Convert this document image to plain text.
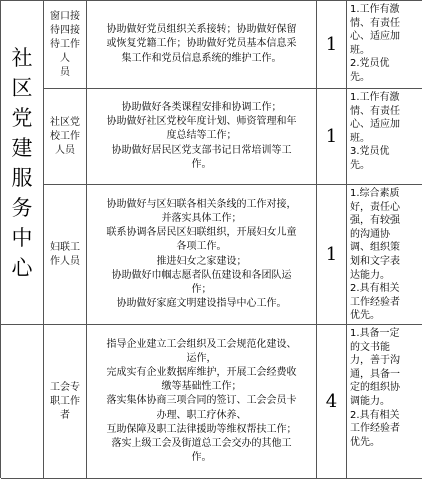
社
区
党
建
服
务
中
心
窗口接
待四接
待工作人
员
协助做好党员组织关系接转；协助做好保留
或恢复党籍工作；协助做好党员基本信息采
集工作和党员信息系统的维护工作。
1
1.工作有激
情、有责任
心、适应加
班。
2.党员优
先。
社区党
校工作
人员
协助做好各类课程安排和协调工作；
协助做好社区党校年度计划、师资管理和年
度总结等工作；
协助做好居民区党支部书记日常培训等工
作。
1
1.工作有激
情、有责任
心、适应加
班。
3.党员优
先。
妇联工
作人员
协助做好与区妇联各相关条线的工作对接，
并落实具体工作；
联系协调各居民区妇联组织，开展妇女儿童
各项工作。
推进妇女之家建设；
协助做好巾帼志愿者队伍建设和各团队运
作；
协助做好家庭文明建设指导中心工作。
1
1.综合素质
好，责任心
强，有较强
的沟通协
调、组织策
划和文字表
达能力。
2.具有相关
工作经验者
优先。
工会专
职工作
者
指导企业建立工会组织及工会规范化建设、
运作，
完成实有企业数据库维护，开展工会经费收
缴等基础性工作；
落实集体协商三项合同的签订、工会会员卡
办理、职工疗休养、
互助保障及职工法律援助等维权帮扶工作；
落实上级工会及街道总工会交办的其他工
作。
4
1.具备一定
的文书能
力，善于沟
通，具备一
定的组织协
调能力。
2.具有相关
工作经验者
优先。
